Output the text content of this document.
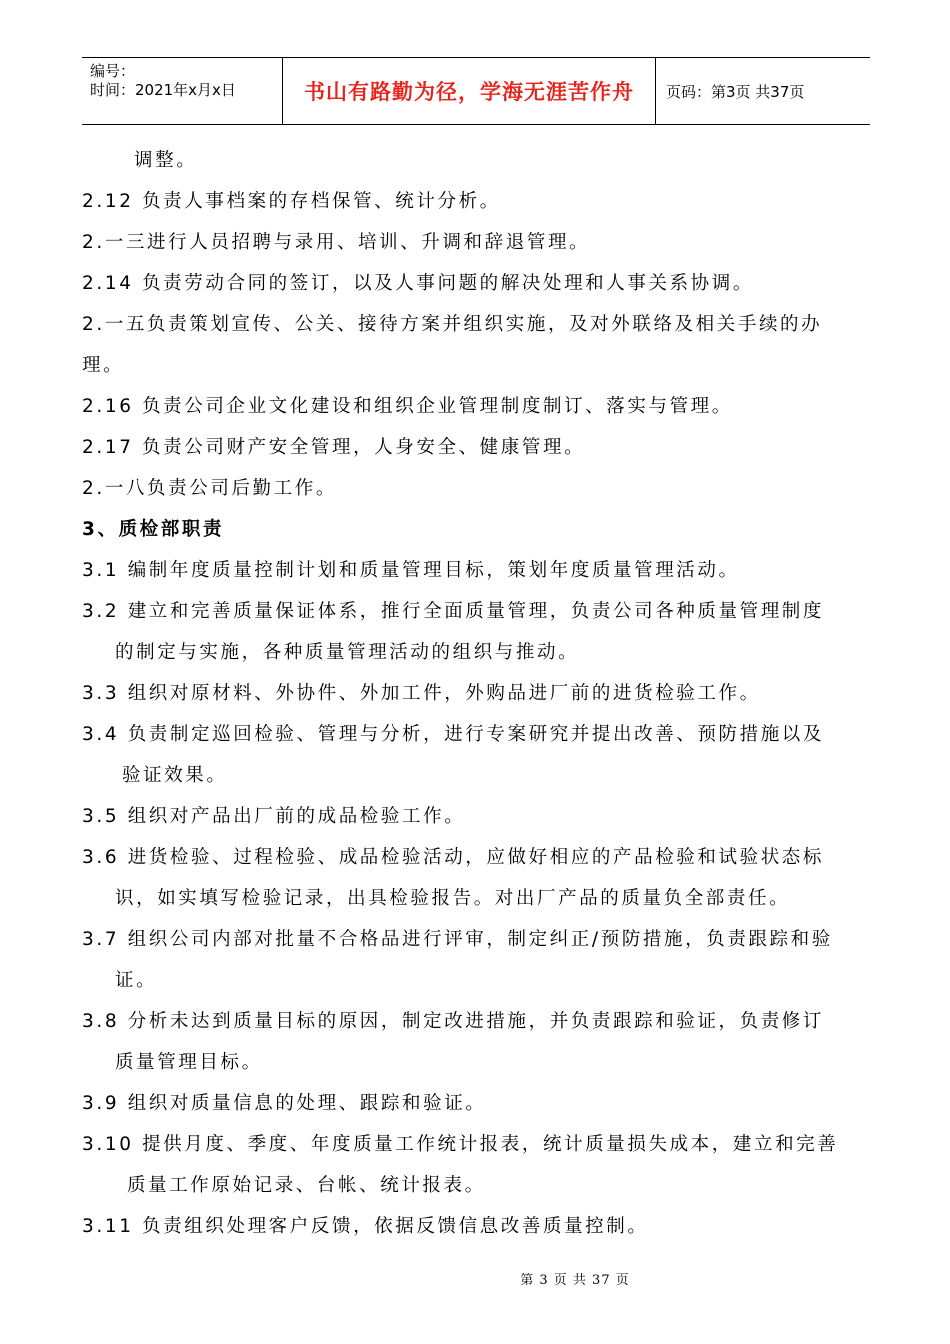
编号：
时间：2021年x月x日	书山有路勤为径，学海无涯苦作舟	页码：第3页 共37页
调整。
2.12 负责人事档案的存档保管、统计分析。
2.一三进行人员招聘与录用、培训、升调和辞退管理。
2.14 负责劳动合同的签订，以及人事问题的解决处理和人事关系协调。
2.一五负责策划宣传、公关、接待方案并组织实施，及对外联络及相关手续的办
理。
2.16 负责公司企业文化建设和组织企业管理制度制订、落实与管理。
2.17 负责公司财产安全管理，人身安全、健康管理。
2.一八负责公司后勤工作。
3、质检部职责
3.1 编制年度质量控制计划和质量管理目标，策划年度质量管理活动。
3.2 建立和完善质量保证体系，推行全面质量管理，负责公司各种质量管理制度
的制定与实施，各种质量管理活动的组织与推动。
3.3 组织对原材料、外协件、外加工件，外购品进厂前的进货检验工作。
3.4 负责制定巡回检验、管理与分析，进行专案研究并提出改善、预防措施以及
验证效果。
3.5 组织对产品出厂前的成品检验工作。
3.6 进货检验、过程检验、成品检验活动，应做好相应的产品检验和试验状态标
识，如实填写检验记录，出具检验报告。对出厂产品的质量负全部责任。
3.7 组织公司内部对批量不合格品进行评审，制定纠正/预防措施，负责跟踪和验
证。
3.8 分析未达到质量目标的原因，制定改进措施，并负责跟踪和验证，负责修订
质量管理目标。
3.9 组织对质量信息的处理、跟踪和验证。
3.10 提供月度、季度、年度质量工作统计报表，统计质量损失成本，建立和完善
质量工作原始记录、台帐、统计报表。
3.11 负责组织处理客户反馈，依据反馈信息改善质量控制。
第 3 页 共 37 页
